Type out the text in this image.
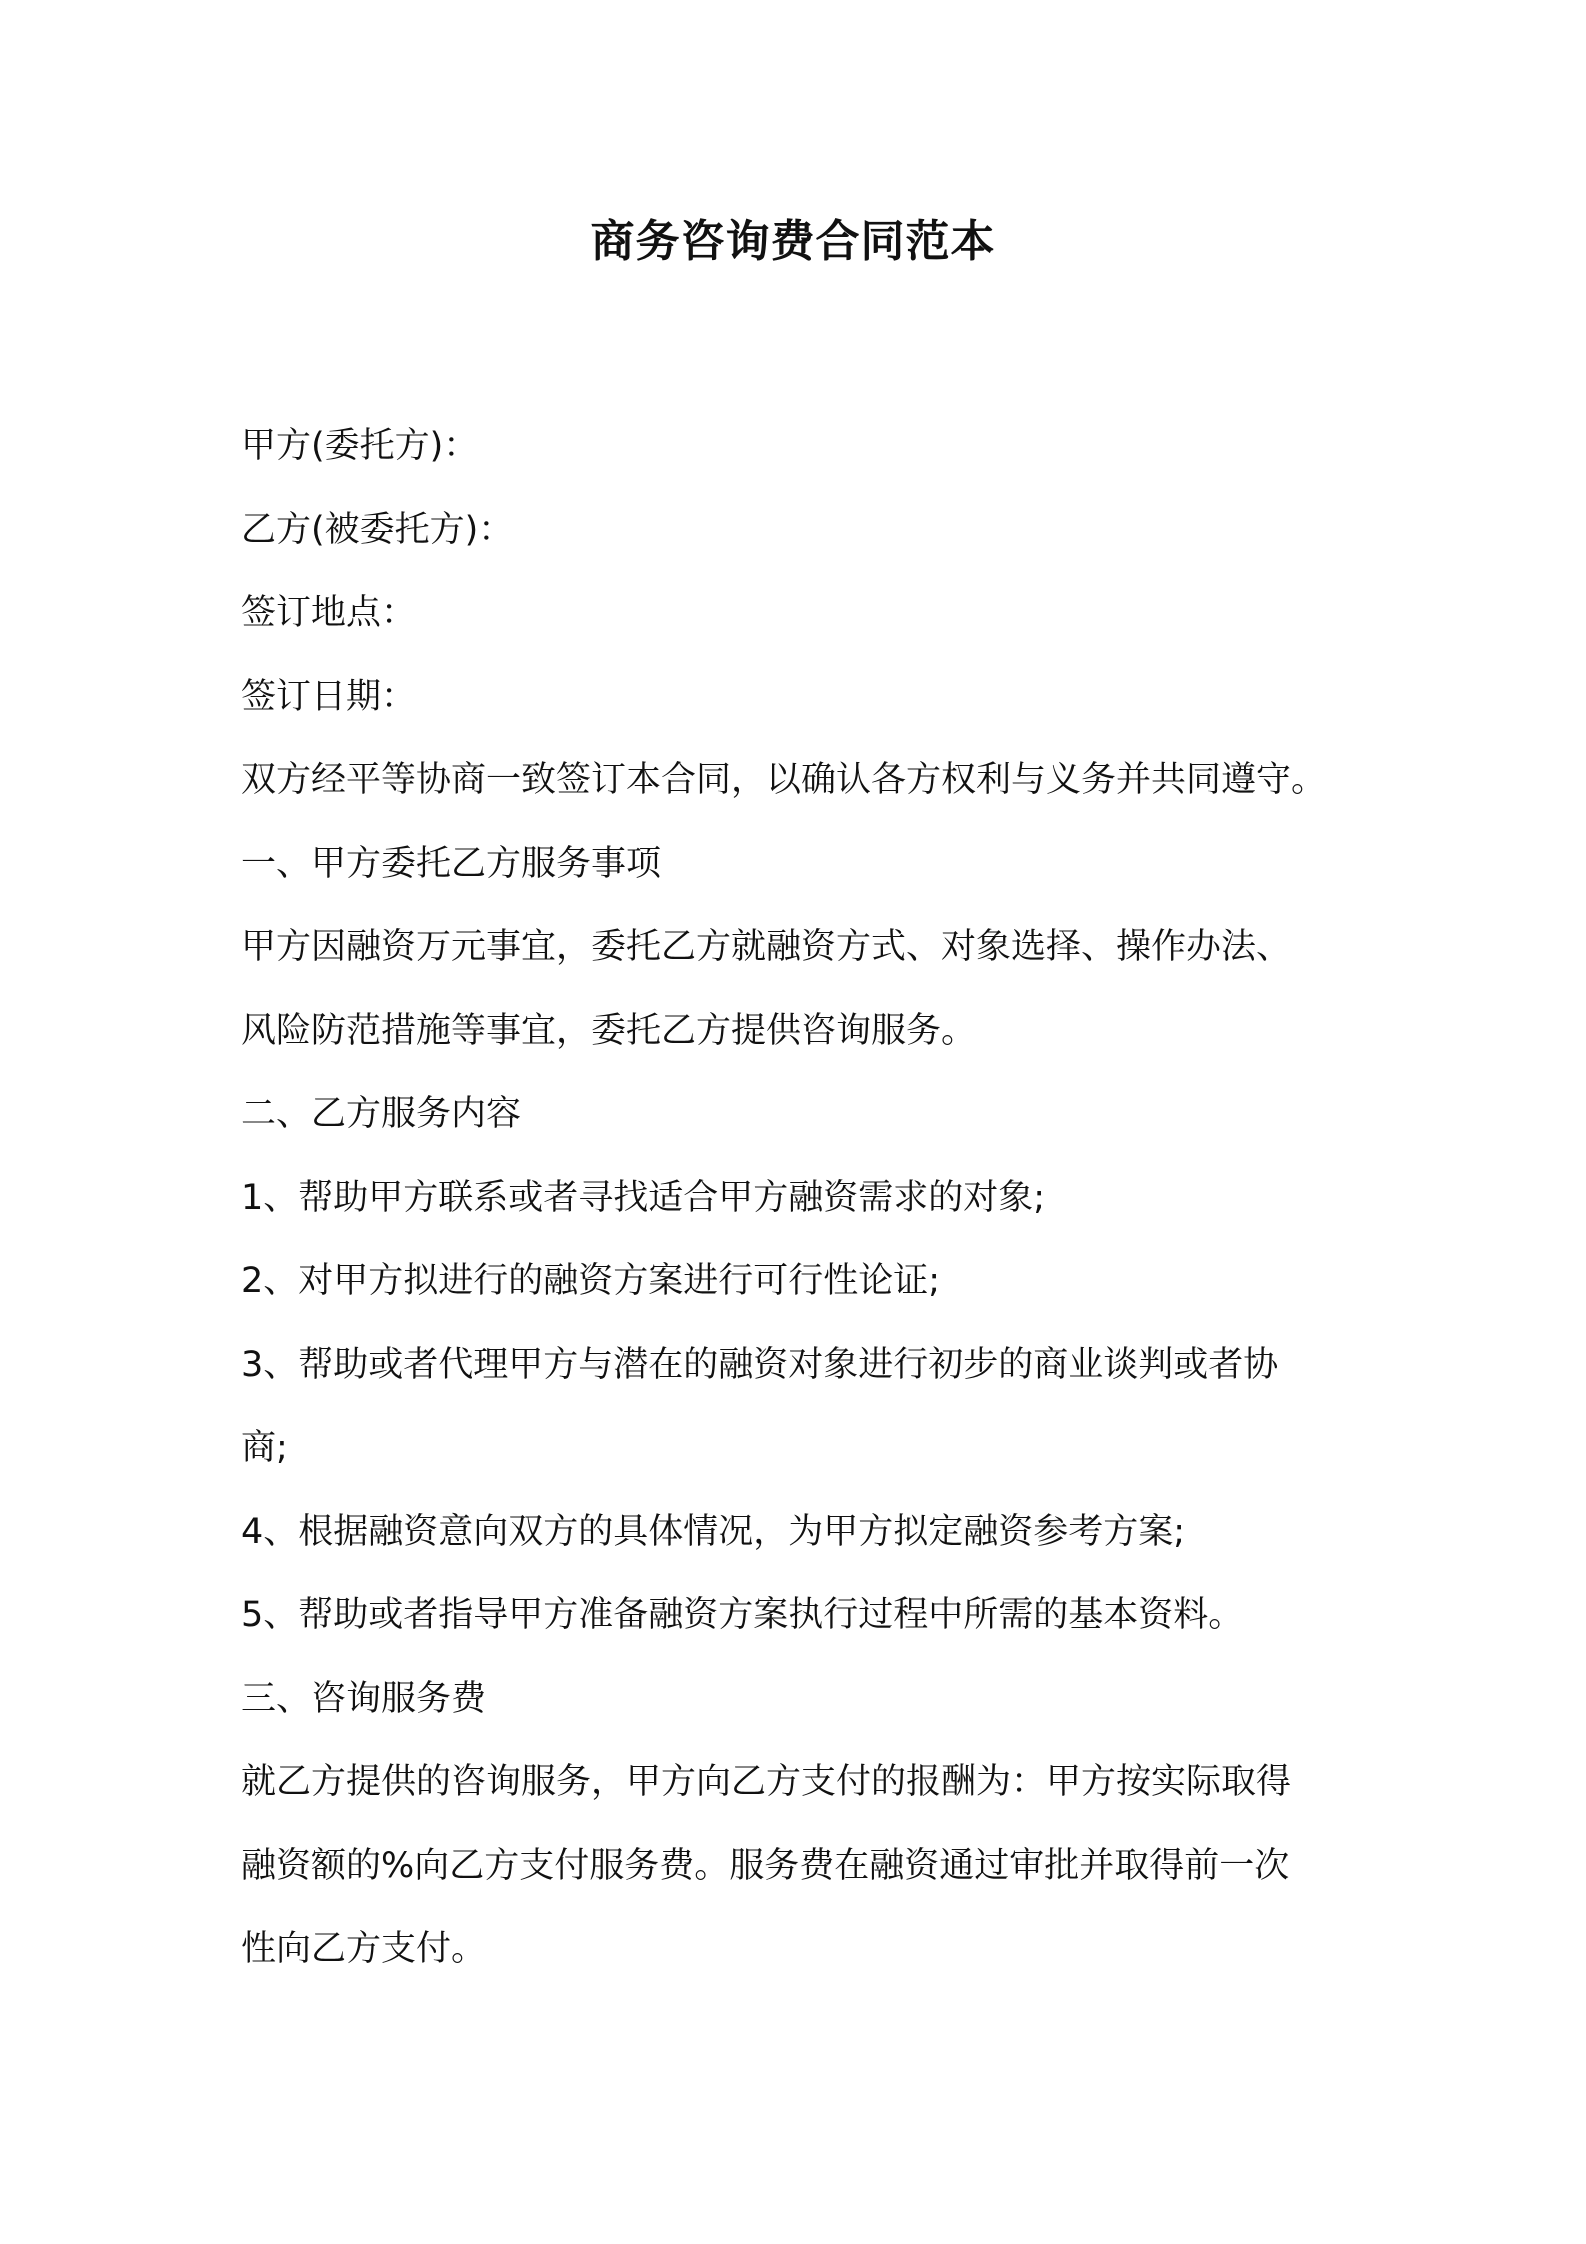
商务咨询费合同范本

甲方(委托方)：

乙方(被委托方)：

签订地点：

签订日期：

双方经平等协商一致签订本合同，以确认各方权利与义务并共同遵守。

一、甲方委托乙方服务事项

甲方因融资万元事宜，委托乙方就融资方式、对象选择、操作办法、

风险防范措施等事宜，委托乙方提供咨询服务。

二、乙方服务内容

1、帮助甲方联系或者寻找适合甲方融资需求的对象;

2、对甲方拟进行的融资方案进行可行性论证;

3、帮助或者代理甲方与潜在的融资对象进行初步的商业谈判或者协

商;

4、根据融资意向双方的具体情况，为甲方拟定融资参考方案;

5、帮助或者指导甲方准备融资方案执行过程中所需的基本资料。

三、咨询服务费

就乙方提供的咨询服务，甲方向乙方支付的报酬为：甲方按实际取得

融资额的%向乙方支付服务费。服务费在融资通过审批并取得前一次

性向乙方支付。
